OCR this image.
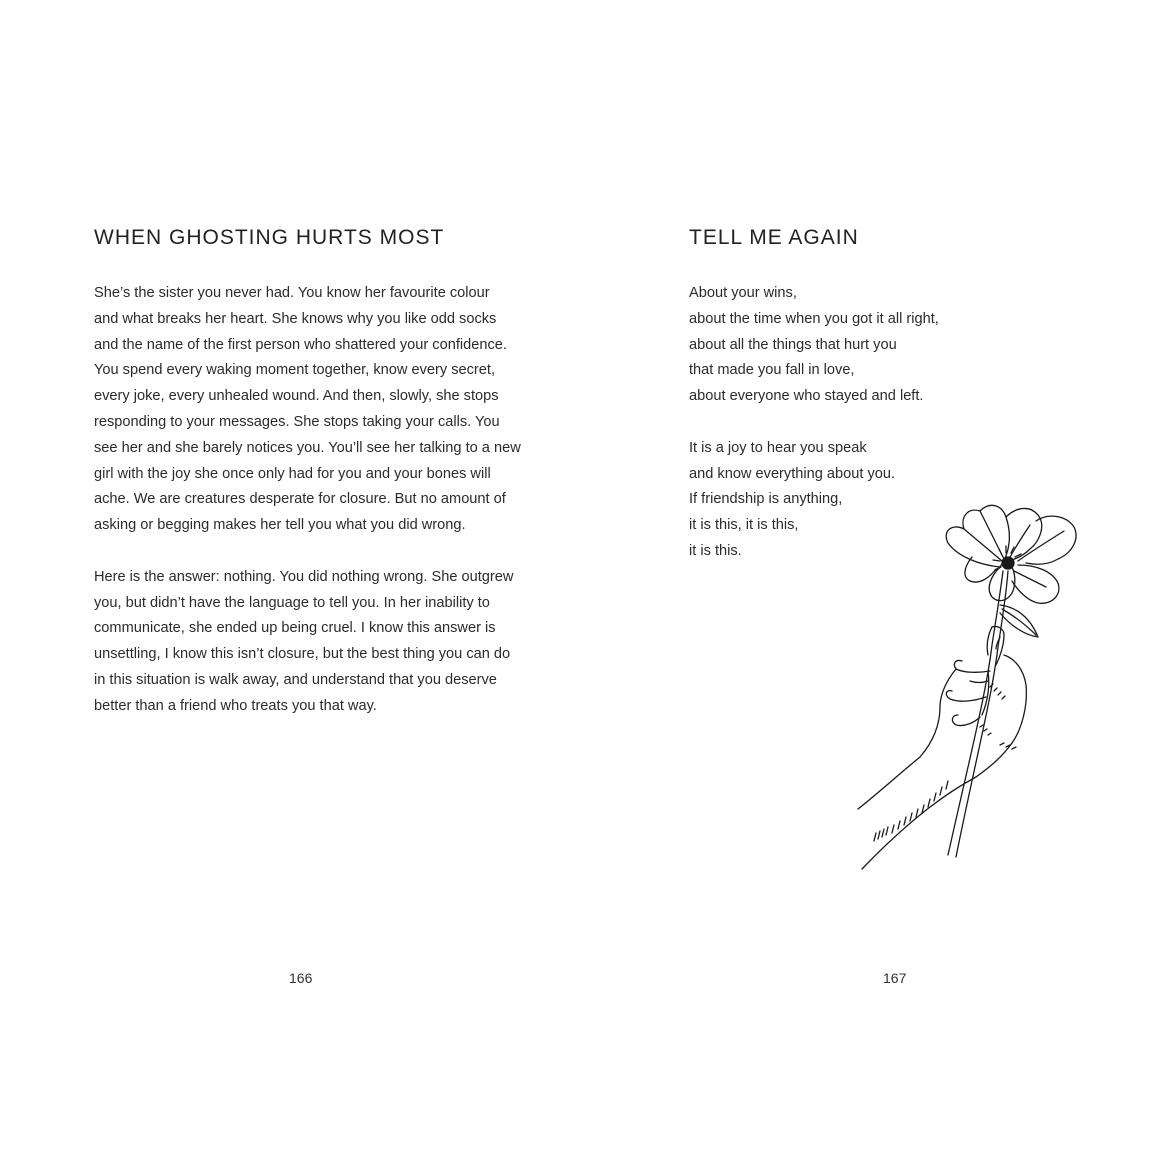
WHEN GHOSTING HURTS MOST
She’s the sister you never had. You know her favourite colour
and what breaks her heart. She knows why you like odd socks
and the name of the first person who shattered your confidence.
You spend every waking moment together, know every secret,
every joke, every unhealed wound. And then, slowly, she stops
responding to your messages. She stops taking your calls. You
see her and she barely notices you. You’ll see her talking to a new
girl with the joy she once only had for you and your bones will
ache. We are creatures desperate for closure. But no amount of
asking or begging makes her tell you what you did wrong.
Here is the answer: nothing. You did nothing wrong. She outgrew
you, but didn’t have the language to tell you. In her inability to
communicate, she ended up being cruel. I know this answer is
unsettling, I know this isn’t closure, but the best thing you can do
in this situation is walk away, and understand that you deserve
better than a friend who treats you that way.
166
TELL ME AGAIN
About your wins,
about the time when you got it all right,
about all the things that hurt you
that made you fall in love,
about everyone who stayed and left.
It is a joy to hear you speak
and know everything about you.
If friendship is anything,
it is this, it is this,
it is this.
167
